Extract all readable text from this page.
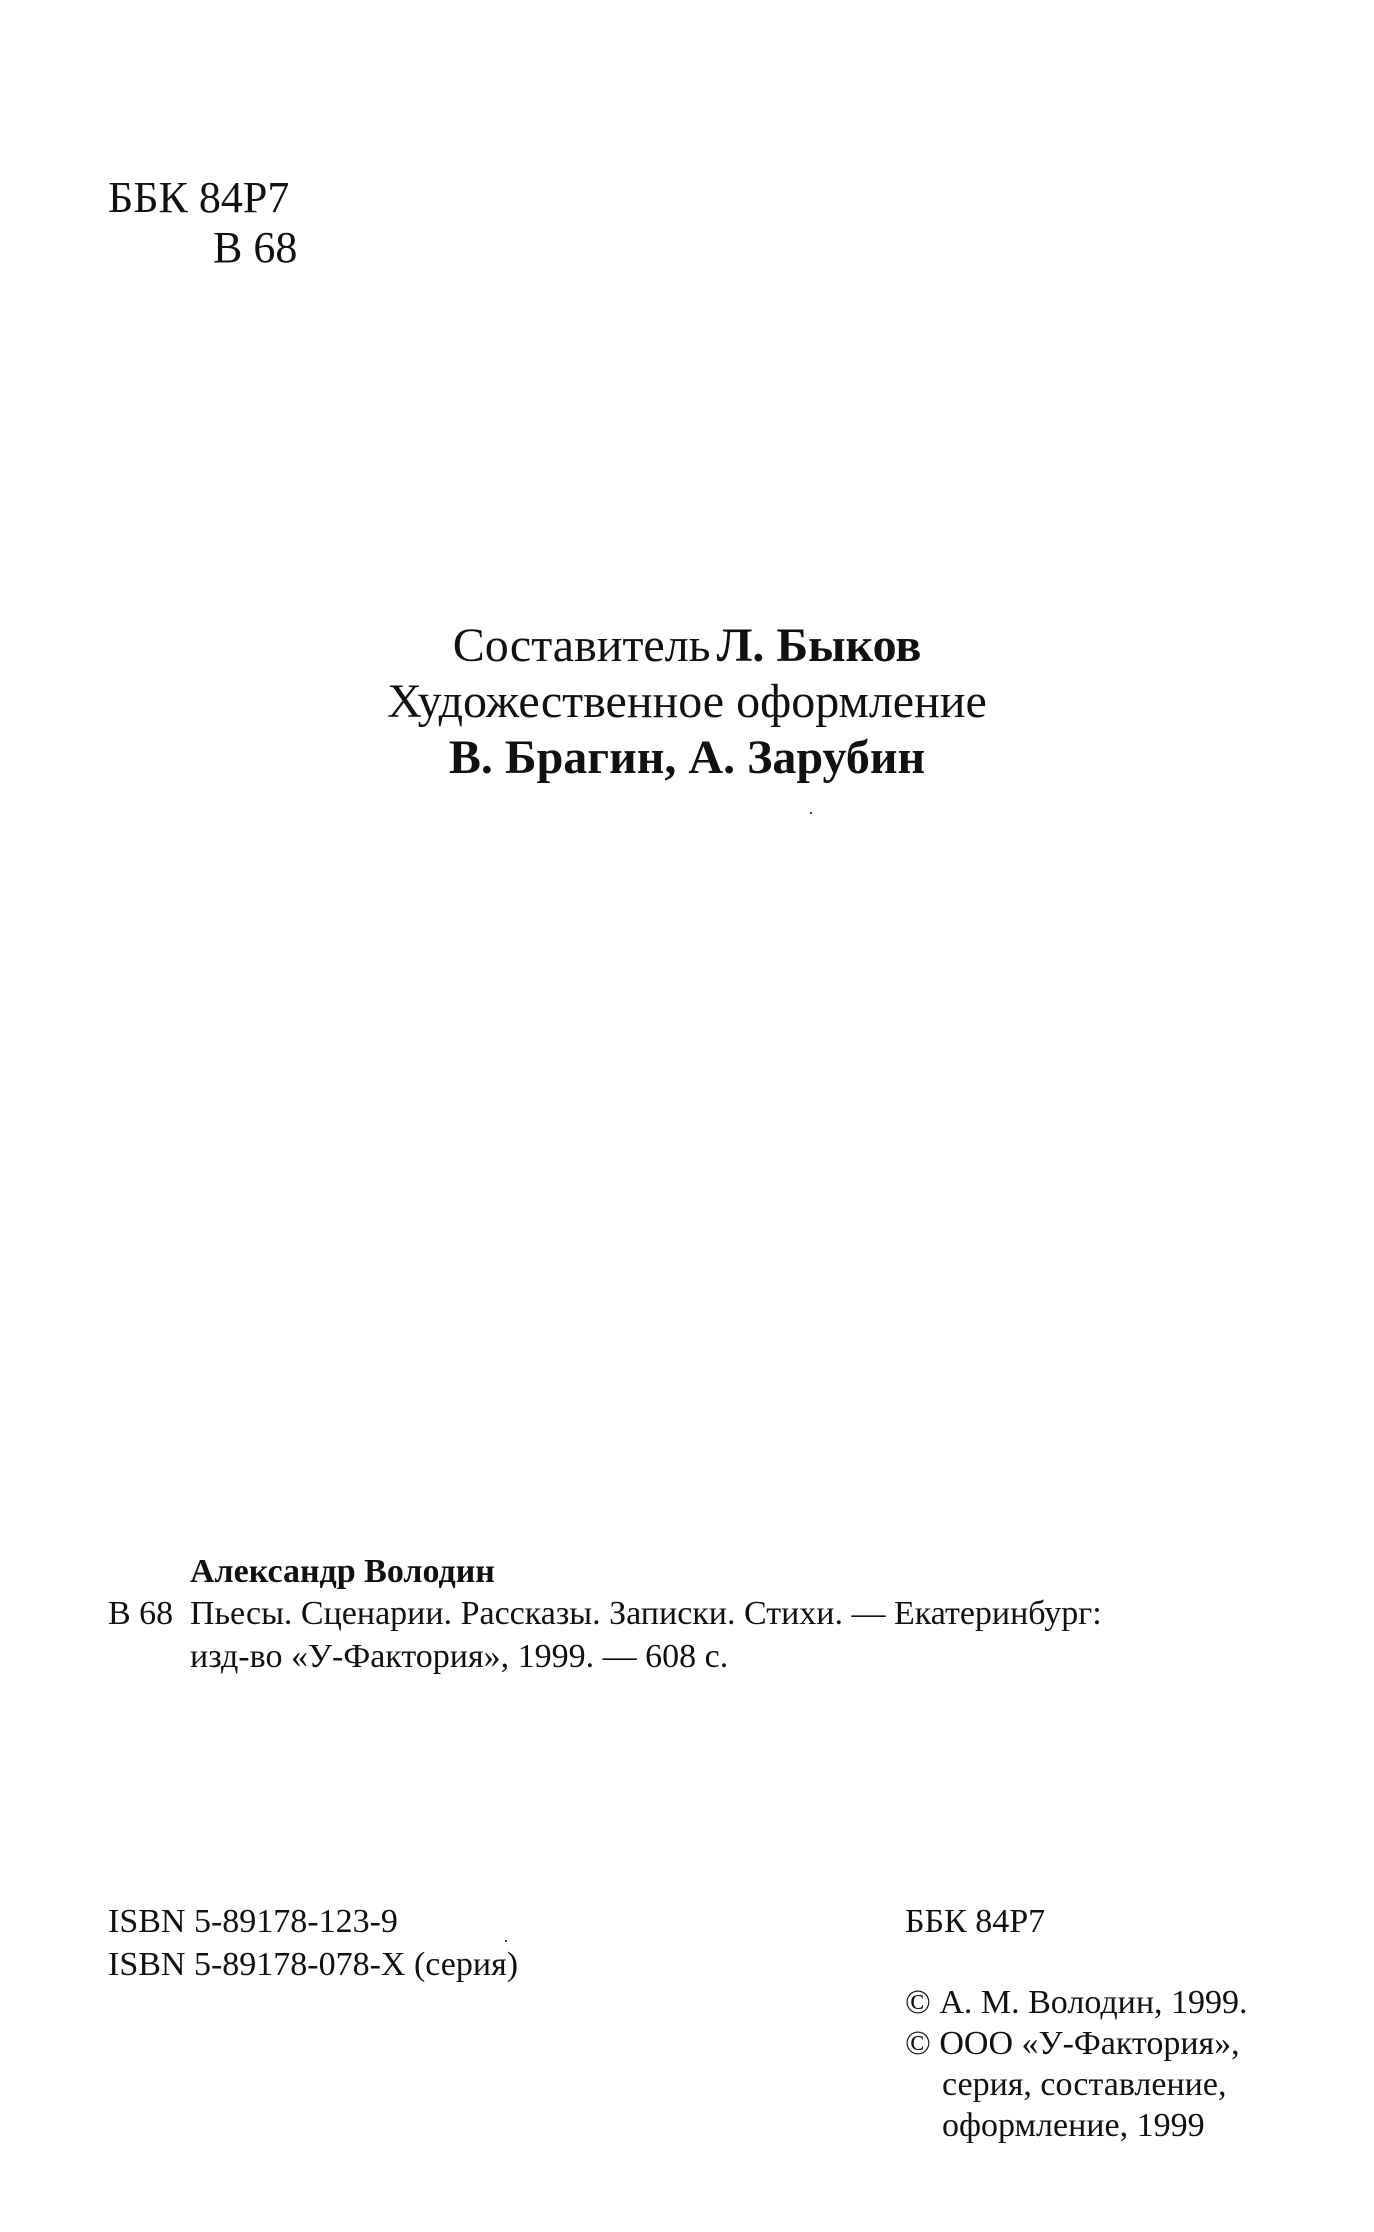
ББК 84Р7
В 68
Составитель Л. Быков
Художественное оформление
В. Брагин, А. Зарубин
Александр Володин
В 68 Пьесы. Сценарии. Рассказы. Записки. Стихи. — Екатеринбург:
изд-во «У-Фактория», 1999. — 608 с.
ISBN 5-89178-123-9
ISBN 5-89178-078-X (серия)
ББК 84Р7
© А. М. Володин, 1999.
© ООО «У-Фактория»,
серия, составление,
оформление, 1999
